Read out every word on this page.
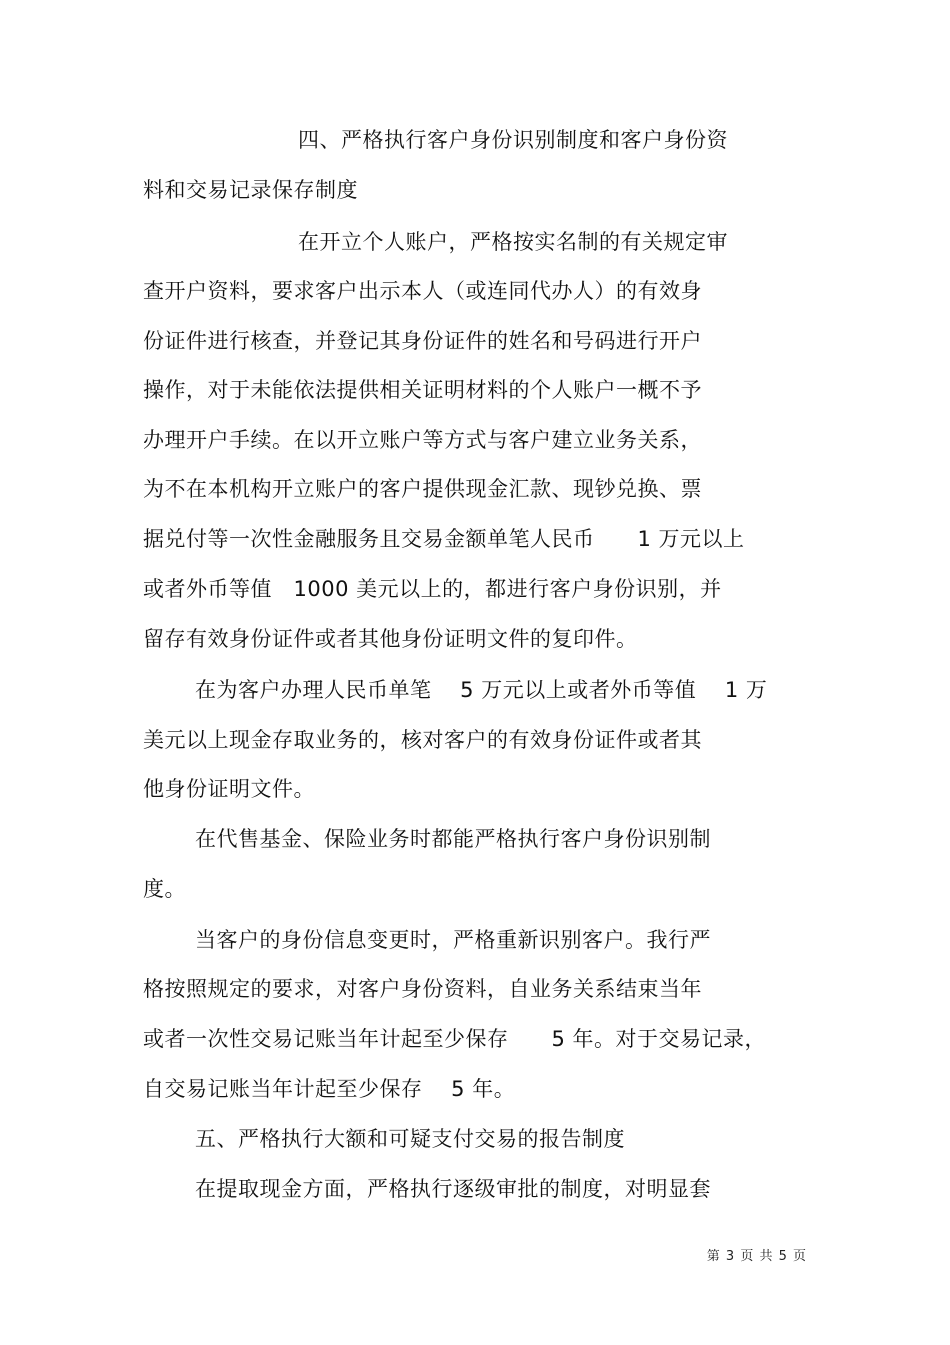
四、严格执行客户身份识别制度和客户身份资
料和交易记录保存制度
在开立个人账户，严格按实名制的有关规定审
查开户资料，要求客户出示本人（或连同代办人）的有效身
份证件进行核查，并登记其身份证件的姓名和号码进行开户
操作，对于未能依法提供相关证明材料的个人账户一概不予
办理开户手续。在以开立账户等方式与客户建立业务关系，
为不在本机构开立账户的客户提供现金汇款、现钞兑换、票
据兑付等一次性金融服务且交易金额单笔人民币　　1 万元以上
或者外币等值　1000 美元以上的，都进行客户身份识别，并
留存有效身份证件或者其他身份证明文件的复印件。
在为客户办理人民币单笔　 5 万元以上或者外币等值　 1 万
美元以上现金存取业务的，核对客户的有效身份证件或者其
他身份证明文件。
在代售基金、保险业务时都能严格执行客户身份识别制
度。
当客户的身份信息变更时，严格重新识别客户。我行严
格按照规定的要求，对客户身份资料，自业务关系结束当年
或者一次性交易记账当年计起至少保存　　5 年。对于交易记录，
自交易记账当年计起至少保存　 5 年。
五、严格执行大额和可疑支付交易的报告制度
在提取现金方面，严格执行逐级审批的制度，对明显套
第 3 页 共 5 页
